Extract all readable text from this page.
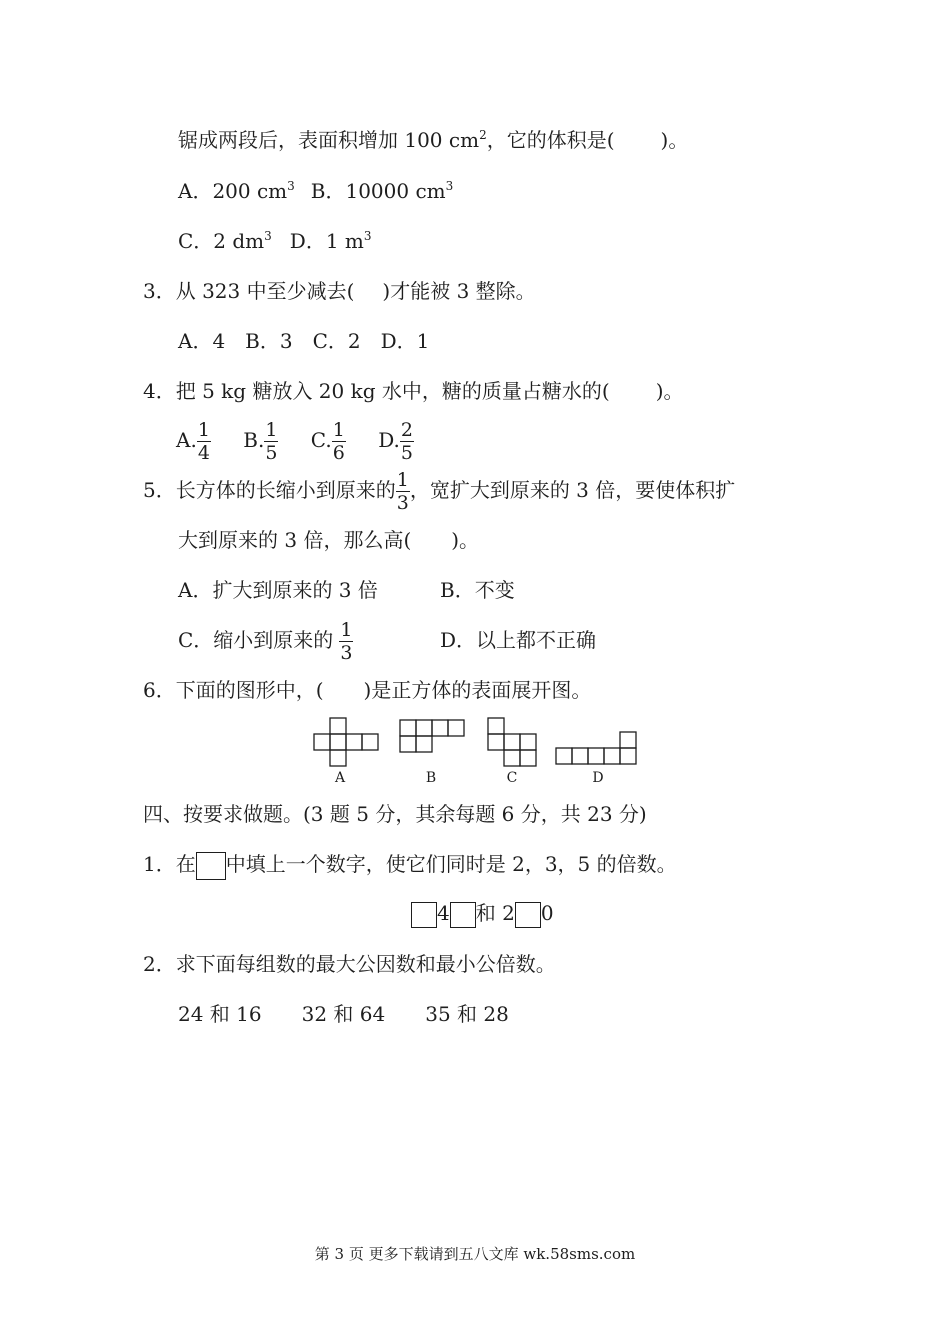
锯成两段后，表面积增加 100 $cm^2$，它的体积是( )。
A．200 $cm^3$ B．10000 $cm^3$
C．2 $dm^3$ D．1 $m^3$
3．从 323 中至少减去( )才能被 3 整除。
A．4　B．3　C．2　D．1
4．把 5 kg 糖放入 20 kg 水中，糖的质量占糖水的( )。
A. $\frac{1}{4} B$. $\frac{1}{5} C$. $\frac{1}{6} D$. $\frac{2}{5}$
5．长方体的长缩小到原来的 $\frac{1}{3}$ ，宽扩大到原来的 3 倍，要使体积扩
大到原来的 3 倍，那么高( )。
A．扩大到原来的 3 倍	B．不变
C．缩小到原来的 $\frac{1}{3}$	D．以上都不正确
6．下面的图形中，( )是正方体的表面展开图。
A	B	C	D
四、按要求做题。(3 题 5 分，其余每题 6 分，共 23 分)
1．在 中填上一个数字，使它们同时是 2，3，5 的倍数。
4 和 2 0
2．求下面每组数的最大公因数和最小公倍数。
24 和 16　　32 和 64　　35 和 28
第 3 页 更多下载请到五八文库 wk.58sms.com
